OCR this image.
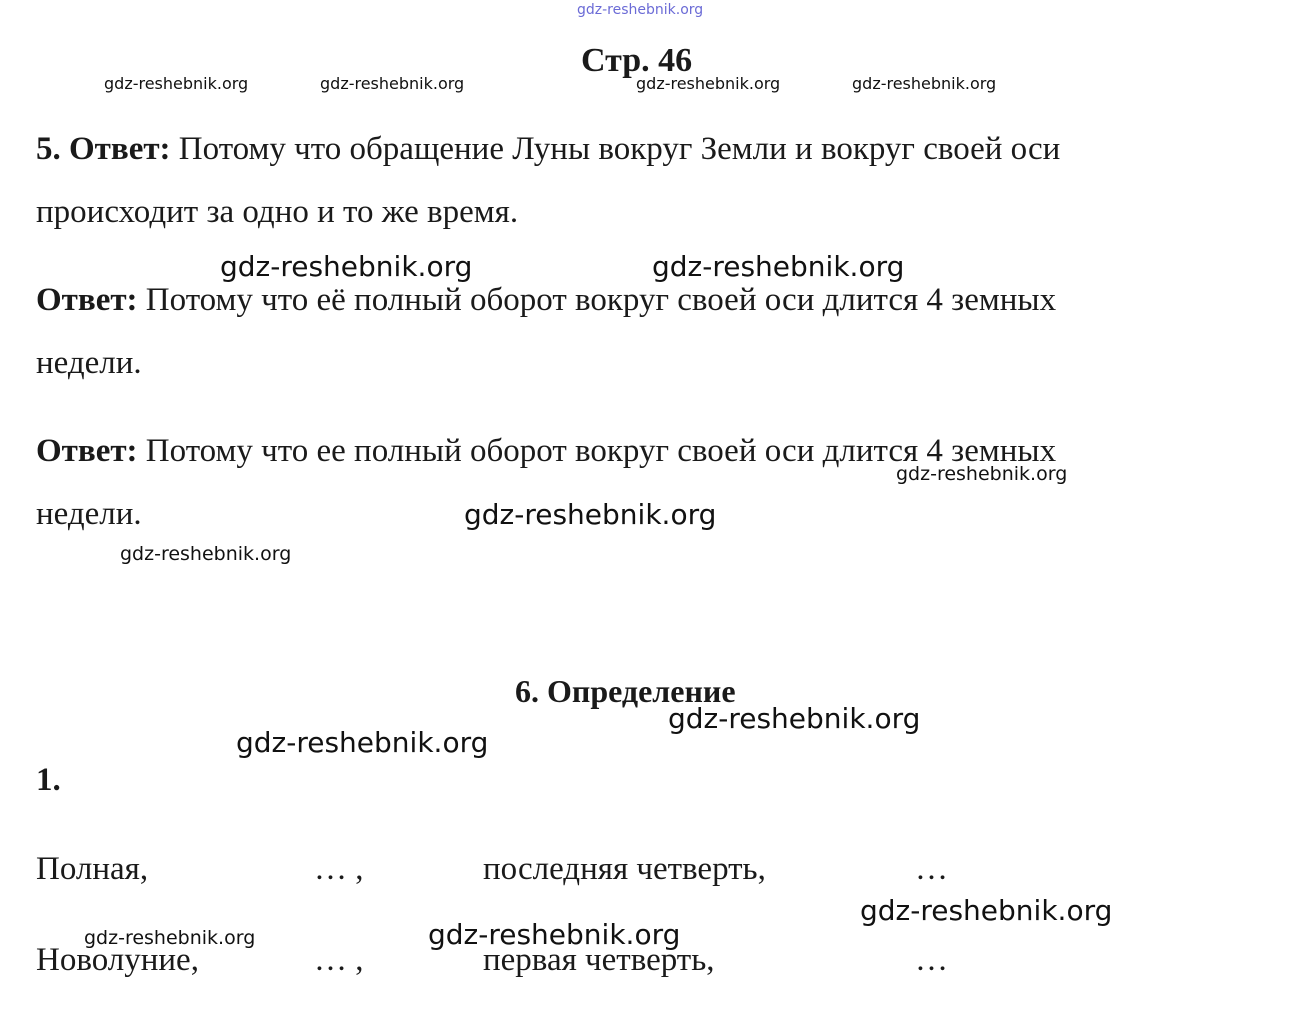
gdz-reshebnik.org
Стр. 46
gdz-reshebnik.org	gdz-reshebnik.org	gdz-reshebnik.org	gdz-reshebnik.org
5. Ответ: Потому что обращение Луны вокруг Земли и вокруг своей оси
происходит за одно и то же время.
gdz-reshebnik.org	gdz-reshebnik.org
Ответ: Потому что её полный оборот вокруг своей оси длится 4 земных
недели.
Ответ: Потому что ее полный оборот вокруг своей оси длится 4 земных
gdz-reshebnik.org
недели.	gdz-reshebnik.org
gdz-reshebnik.org
6. Определение
gdz-reshebnik.org
gdz-reshebnik.org
1.
Полная,	… ,	последняя четверть,	…
gdz-reshebnik.org
gdz-reshebnik.org	gdz-reshebnik.org
Новолуние,	… ,	первая четверть,	…
